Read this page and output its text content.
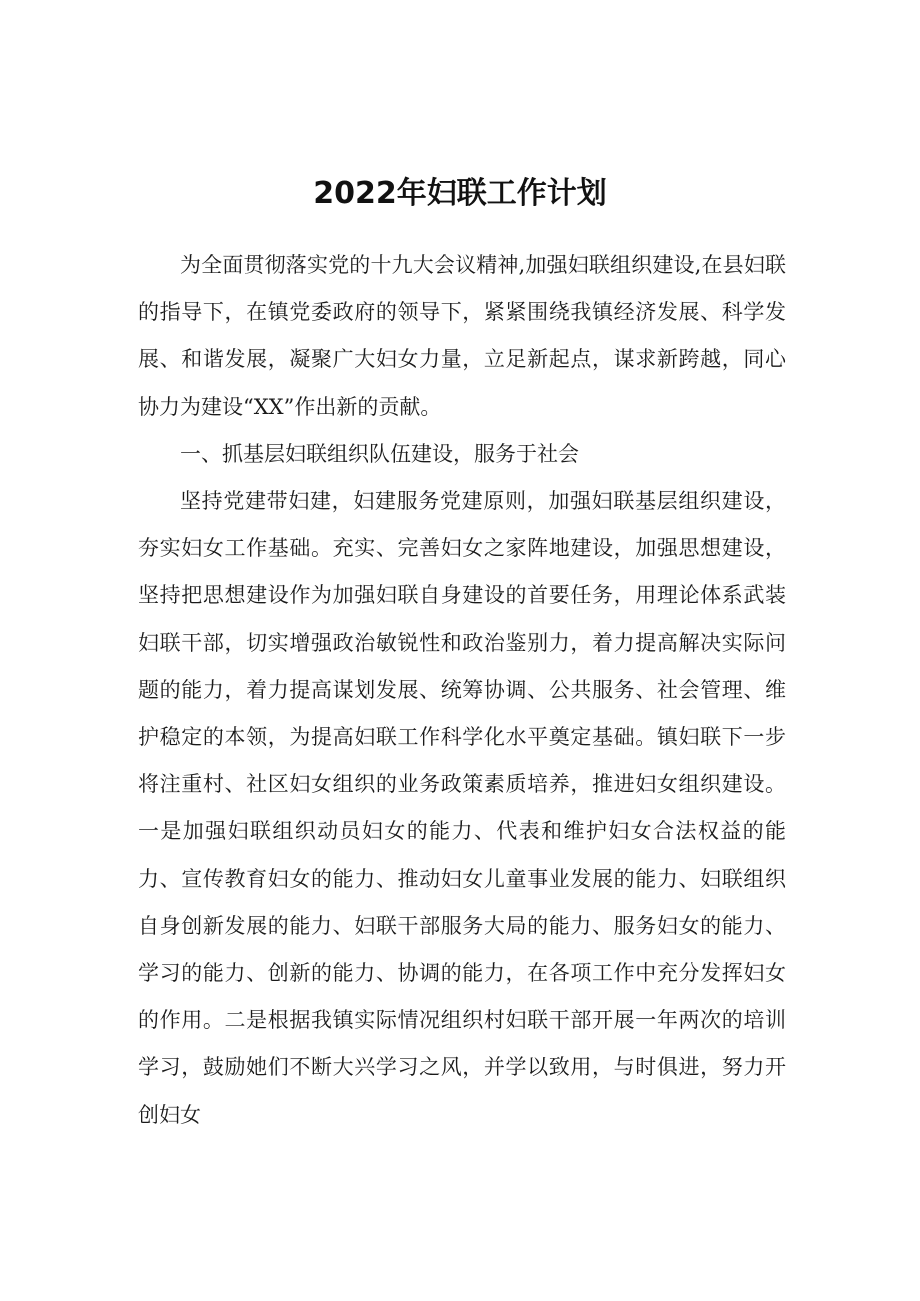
2022年妇联工作计划

为全面贯彻落实党的十九大会议精神,加强妇联组织建设,在县妇联的指导下，在镇党委政府的领导下，紧紧围绕我镇经济发展、科学发展、和谐发展，凝聚广大妇女力量，立足新起点，谋求新跨越，同心协力为建设“XX”作出新的贡献。

一、抓基层妇联组织队伍建设，服务于社会

坚持党建带妇建，妇建服务党建原则，加强妇联基层组织建设，夯实妇女工作基础。充实、完善妇女之家阵地建设，加强思想建设，坚持把思想建设作为加强妇联自身建设的首要任务，用理论体系武装妇联干部，切实增强政治敏锐性和政治鉴别力，着力提高解决实际问题的能力，着力提高谋划发展、统筹协调、公共服务、社会管理、维护稳定的本领，为提高妇联工作科学化水平奠定基础。镇妇联下一步将注重村、社区妇女组织的业务政策素质培养，推进妇女组织建设。一是加强妇联组织动员妇女的能力、代表和维护妇女合法权益的能力、宣传教育妇女的能力、推动妇女儿童事业发展的能力、妇联组织自身创新发展的能力、妇联干部服务大局的能力、服务妇女的能力、学习的能力、创新的能力、协调的能力，在各项工作中充分发挥妇女的作用。二是根据我镇实际情况组织村妇联干部开展一年两次的培训学习，鼓励她们不断大兴学习之风，并学以致用，与时俱进，努力开创妇女
